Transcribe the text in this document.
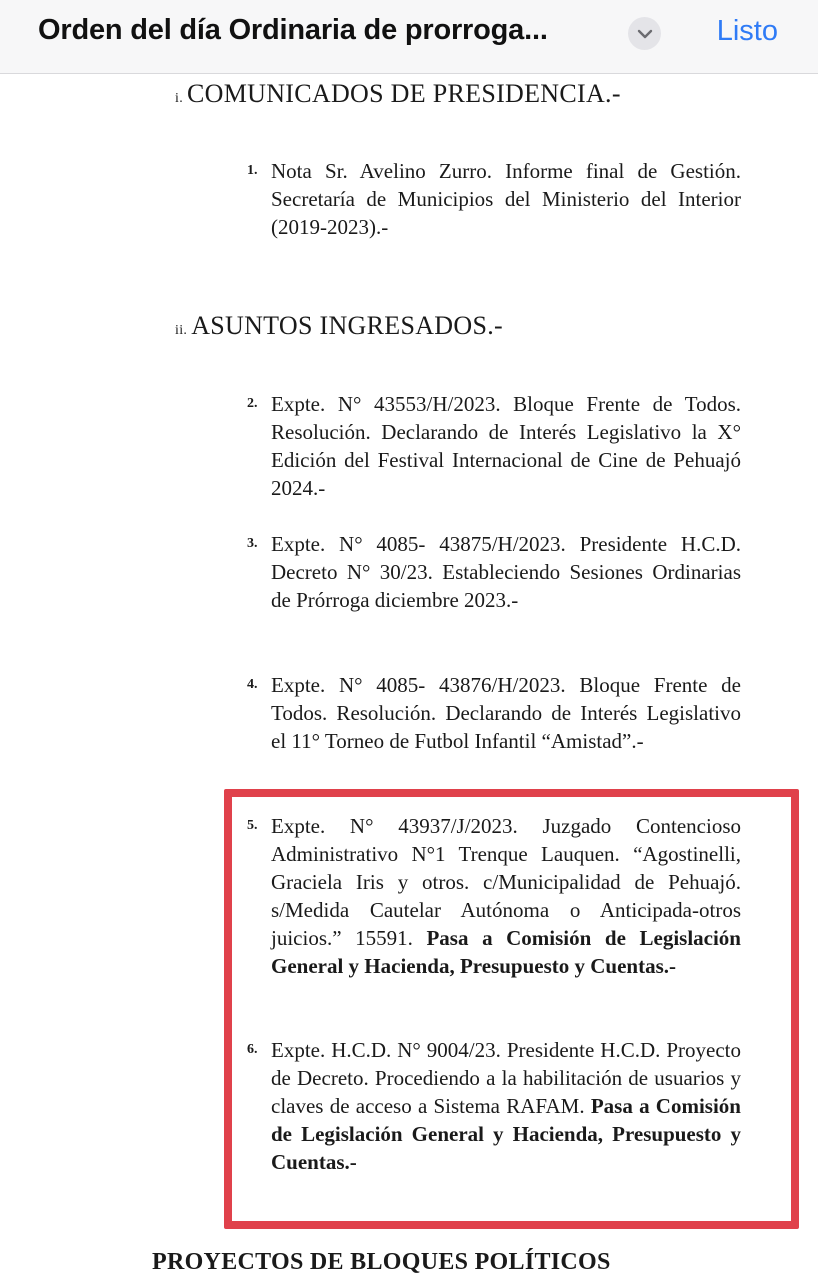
Orden del día Ordinaria de prorroga...	Listo
i. COMUNICADOS DE PRESIDENCIA.-
1. Nota Sr. Avelino Zurro. Informe final de Gestión. Secretaría de Municipios del Ministerio del Interior (2019-2023).-
ii. ASUNTOS INGRESADOS.-
2. Expte. N° 43553/H/2023. Bloque Frente de Todos. Resolución. Declarando de Interés Legislativo la X° Edición del Festival Internacional de Cine de Pehuajó 2024.-
3. Expte. N° 4085- 43875/H/2023. Presidente H.C.D. Decreto N° 30/23. Estableciendo Sesiones Ordinarias de Prórroga diciembre 2023.-
4. Expte. N° 4085- 43876/H/2023. Bloque Frente de Todos. Resolución. Declarando de Interés Legislativo el 11° Torneo de Futbol Infantil “Amistad”.-
5. Expte. N° 43937/J/2023. Juzgado Contencioso Administrativo N°1 Trenque Lauquen. “Agostinelli, Graciela Iris y otros. c/Municipalidad de Pehuajó. s/Medida Cautelar Autónoma o Anticipada-otros juicios.” 15591. Pasa a Comisión de Legislación General y Hacienda, Presupuesto y Cuentas.-
6. Expte. H.C.D. N° 9004/23. Presidente H.C.D. Proyecto de Decreto. Procediendo a la habilitación de usuarios y claves de acceso a Sistema RAFAM. Pasa a Comisión de Legislación General y Hacienda, Presupuesto y Cuentas.-
PROYECTOS DE BLOQUES POLÍTICOS
